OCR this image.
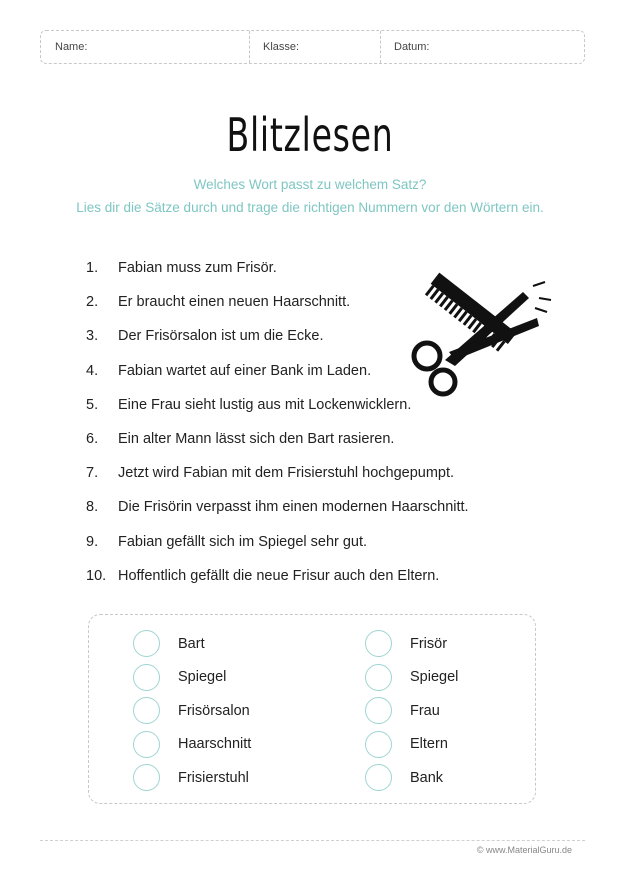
Name:	Klasse:	Datum:
Blitzlesen
Welches Wort passt zu welchem Satz?
Lies dir die Sätze durch und trage die richtigen Nummern vor den Wörtern ein.
1.	Fabian muss zum Frisör.
2.	Er braucht einen neuen Haarschnitt.
3.	Der Frisörsalon ist um die Ecke.
4.	Fabian wartet auf einer Bank im Laden.
5.	Eine Frau sieht lustig aus mit Lockenwicklern.
6.	Ein alter Mann lässt sich den Bart rasieren.
7.	Jetzt wird Fabian mit dem Frisierstuhl hochgepumpt.
8.	Die Frisörin verpasst ihm einen modernen Haarschnitt.
9.	Fabian gefällt sich im Spiegel sehr gut.
10. Hoffentlich gefällt die neue Frisur auch den Eltern.
Bart
Spiegel
Frisörsalon
Haarschnitt
Frisierstuhl
Frisör
Spiegel
Frau
Eltern
Bank
© www.MaterialGuru.de
